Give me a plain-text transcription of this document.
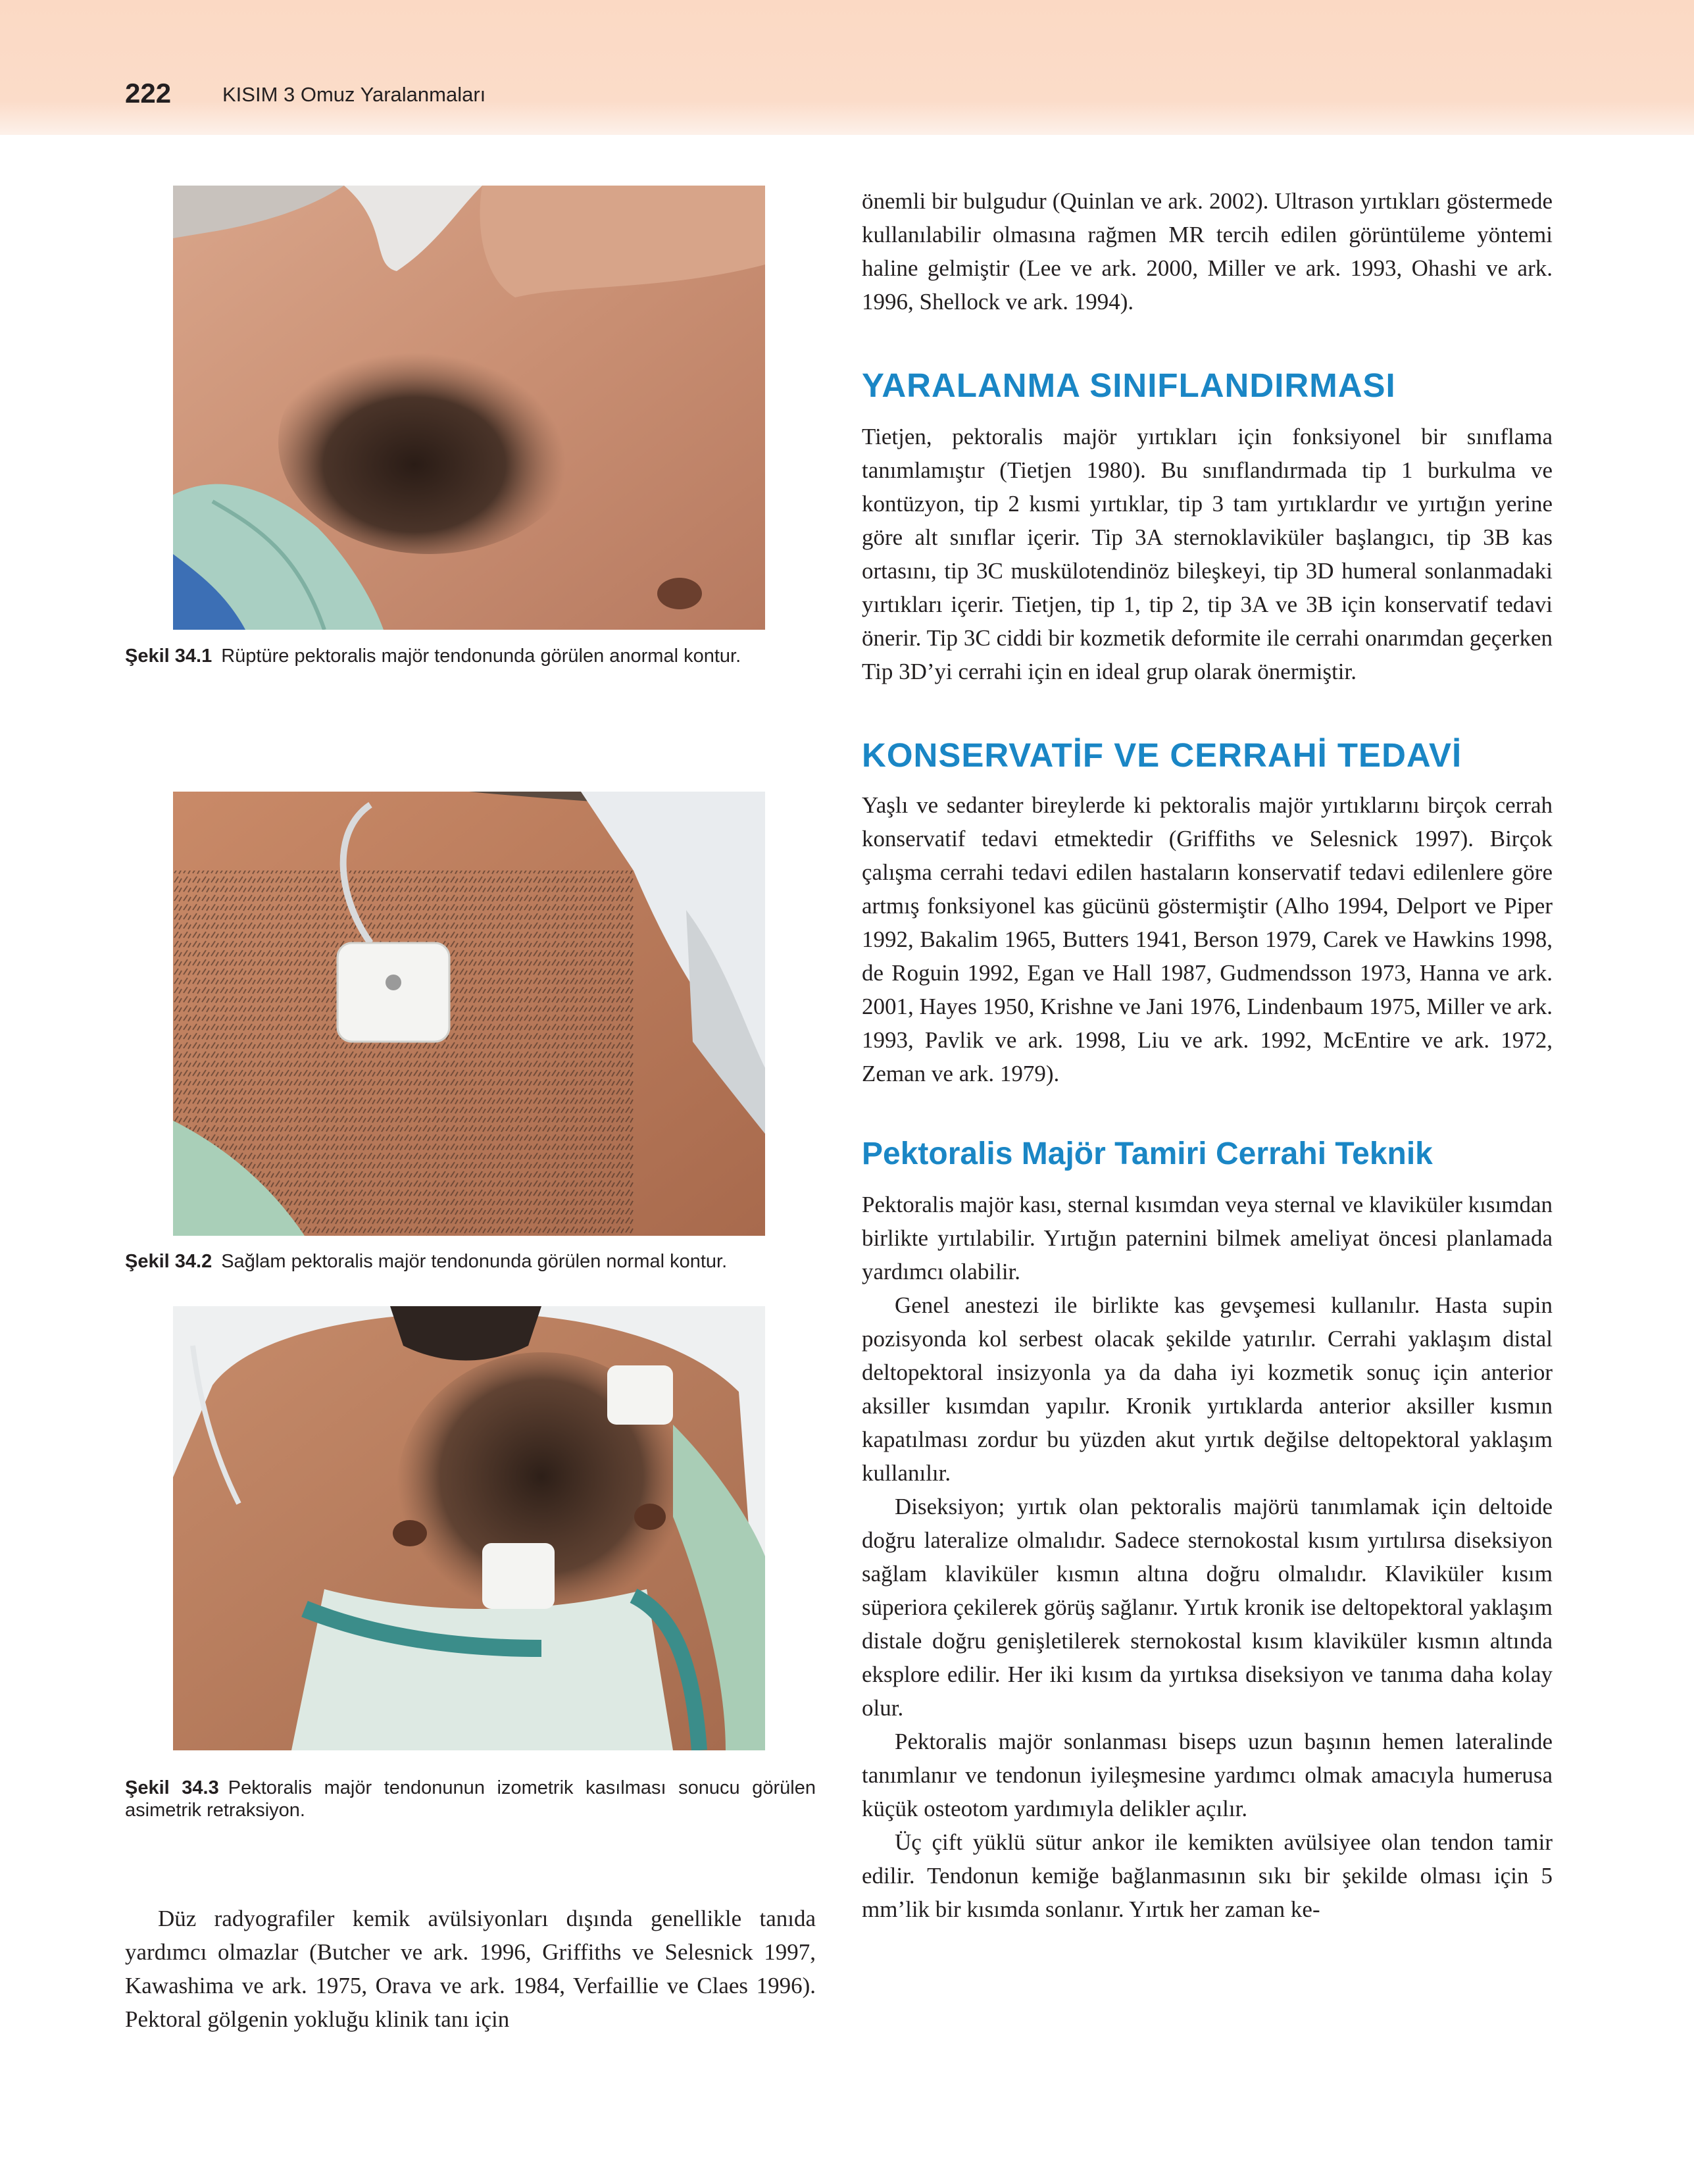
222	KISIM 3 Omuz Yaralanmaları
Şekil 34.1 Rüptüre pektoralis majör tendonunda görülen anormal kontur.
Şekil 34.2 Sağlam pektoralis majör tendonunda görülen normal kontur.
Şekil 34.3 Pektoralis majör tendonunun izometrik kasılması sonucu görülen asimetrik retraksiyon.

Düz radyografiler kemik avülsiyonları dışında genellikle tanıda yardımcı olmazlar (Butcher ve ark. 1996, Griffiths ve Selesnick 1997, Kawashima ve ark. 1975, Orava ve ark. 1984, Verfaillie ve Claes 1996). Pektoral gölgenin yokluğu klinik tanı için

önemli bir bulgudur (Quinlan ve ark. 2002). Ultrason yırtıkları göstermede kullanılabilir olmasına rağmen MR tercih edilen görüntüleme yöntemi haline gelmiştir (Lee ve ark. 2000, Miller ve ark. 1993, Ohashi ve ark. 1996, Shellock ve ark. 1994).

YARALANMA SINIFLANDIRMASI

Tietjen, pektoralis majör yırtıkları için fonksiyonel bir sınıflama tanımlamıştır (Tietjen 1980). Bu sınıflandırmada tip 1 burkulma ve kontüzyon, tip 2 kısmi yırtıklar, tip 3 tam yırtıklardır ve yırtığın yerine göre alt sınıflar içerir. Tip 3A sternoklaviküler başlangıcı, tip 3B kas ortasını, tip 3C muskülotendinöz bileşkeyi, tip 3D humeral sonlanmadaki yırtıkları içerir. Tietjen, tip 1, tip 2, tip 3A ve 3B için konservatif tedavi önerir. Tip 3C ciddi bir kozmetik deformite ile cerrahi onarımdan geçerken Tip 3D’yi cerrahi için en ideal grup olarak önermiştir.

KONSERVATİF VE CERRAHİ TEDAVİ

Yaşlı ve sedanter bireylerde ki pektoralis majör yırtıklarını birçok cerrah konservatif tedavi etmektedir (Griffiths ve Selesnick 1997). Birçok çalışma cerrahi tedavi edilen hastaların konservatif tedavi edilenlere göre artmış fonksiyonel kas gücünü göstermiştir (Alho 1994, Delport ve Piper 1992, Bakalim 1965, Butters 1941, Berson 1979, Carek ve Hawkins 1998, de Roguin 1992, Egan ve Hall 1987, Gudmendsson 1973, Hanna ve ark. 2001, Hayes 1950, Krishne ve Jani 1976, Lindenbaum 1975, Miller ve ark. 1993, Pavlik ve ark. 1998, Liu ve ark. 1992, McEntire ve ark. 1972, Zeman ve ark. 1979).

Pektoralis Majör Tamiri Cerrahi Teknik

Pektoralis majör kası, sternal kısımdan veya sternal ve klaviküler kısımdan birlikte yırtılabilir. Yırtığın paternini bilmek ameliyat öncesi planlamada yardımcı olabilir.

Genel anestezi ile birlikte kas gevşemesi kullanılır. Hasta supin pozisyonda kol serbest olacak şekilde yatırılır. Cerrahi yaklaşım distal deltopektoral insizyonla ya da daha iyi kozmetik sonuç için anterior aksiller kısımdan yapılır. Kronik yırtıklarda anterior aksiller kısmın kapatılması zordur bu yüzden akut yırtık değilse deltopektoral yaklaşım kullanılır.

Diseksiyon; yırtık olan pektoralis majörü tanımlamak için deltoide doğru lateralize olmalıdır. Sadece sternokostal kısım yırtılırsa diseksiyon sağlam klaviküler kısmın altına doğru olmalıdır. Klaviküler kısım süperiora çekilerek görüş sağlanır. Yırtık kronik ise deltopektoral yaklaşım distale doğru genişletilerek sternokostal kısım klaviküler kısmın altında eksplore edilir. Her iki kısım da yırtıksa diseksiyon ve tanıma daha kolay olur.

Pektoralis majör sonlanması biseps uzun başının hemen lateralinde tanımlanır ve tendonun iyileşmesine yardımcı olmak amacıyla humerusa küçük osteotom yardımıyla delikler açılır.

Üç çift yüklü sütur ankor ile kemikten avülsiyee olan tendon tamir edilir. Tendonun kemiğe bağlanmasının sıkı bir şekilde olması için 5 mm’lik bir kısımda sonlanır. Yırtık her zaman ke-
